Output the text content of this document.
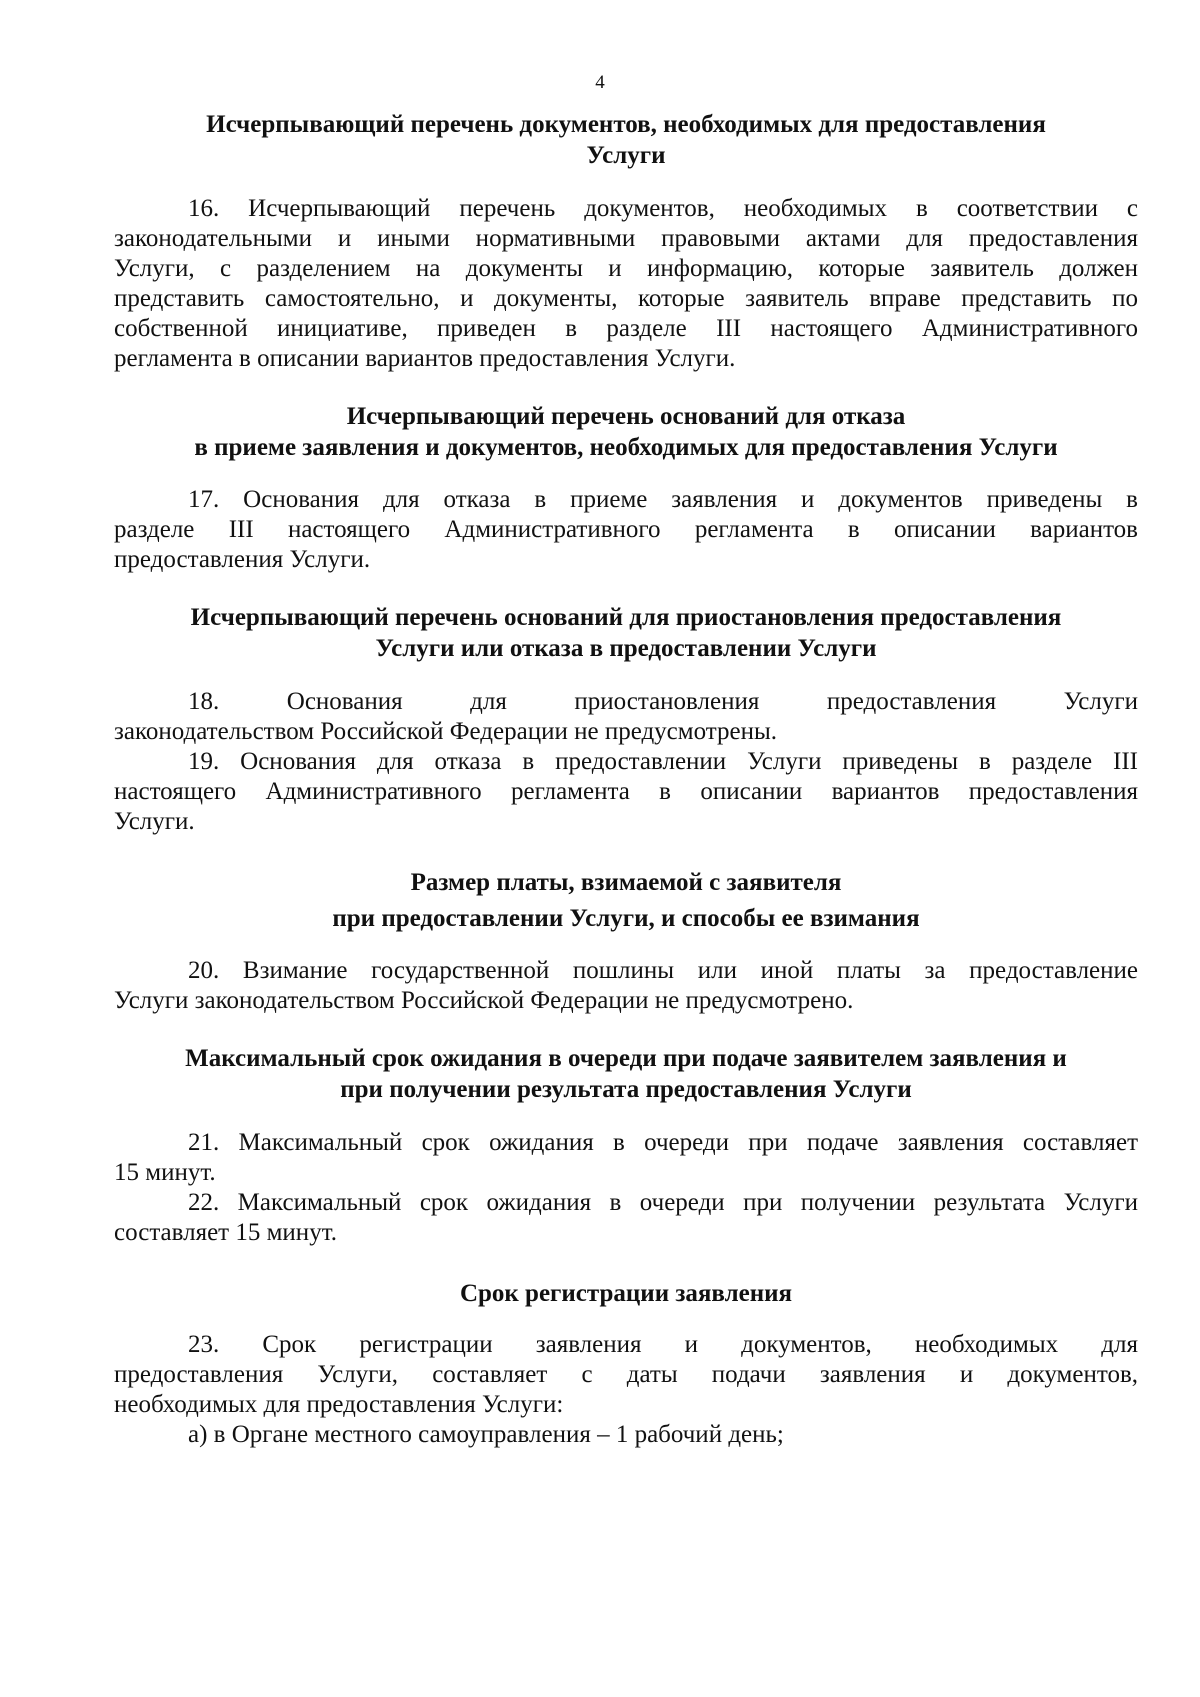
4
Исчерпывающий перечень документов, необходимых для предоставления
Услуги
16. Исчерпывающий перечень документов, необходимых в соответствии с
законодательными и иными нормативными правовыми актами для предоставления
Услуги, с разделением на документы и информацию, которые заявитель должен
представить самостоятельно, и документы, которые заявитель вправе представить по
собственной инициативе, приведен в разделе III настоящего Административного
регламента в описании вариантов предоставления Услуги.
Исчерпывающий перечень оснований для отказа
в приеме заявления и документов, необходимых для предоставления Услуги
17. Основания для отказа в приеме заявления и документов приведены в
разделе III настоящего Административного регламента в описании вариантов
предоставления Услуги.
Исчерпывающий перечень оснований для приостановления предоставления
Услуги или отказа в предоставлении Услуги
18. Основания для приостановления предоставления Услуги
законодательством Российской Федерации не предусмотрены.
19. Основания для отказа в предоставлении Услуги приведены в разделе III
настоящего Административного регламента в описании вариантов предоставления
Услуги.
Размер платы, взимаемой с заявителя
при предоставлении Услуги, и способы ее взимания
20. Взимание государственной пошлины или иной платы за предоставление
Услуги законодательством Российской Федерации не предусмотрено.
Максимальный срок ожидания в очереди при подаче заявителем заявления и
при получении результата предоставления Услуги
21. Максимальный срок ожидания в очереди при подаче заявления составляет
15 минут.
22. Максимальный срок ожидания в очереди при получении результата Услуги
составляет 15 минут.
Срок регистрации заявления
23. Срок регистрации заявления и документов, необходимых для
предоставления Услуги, составляет с даты подачи заявления и документов,
необходимых для предоставления Услуги:
а) в Органе местного самоуправления – 1 рабочий день;
